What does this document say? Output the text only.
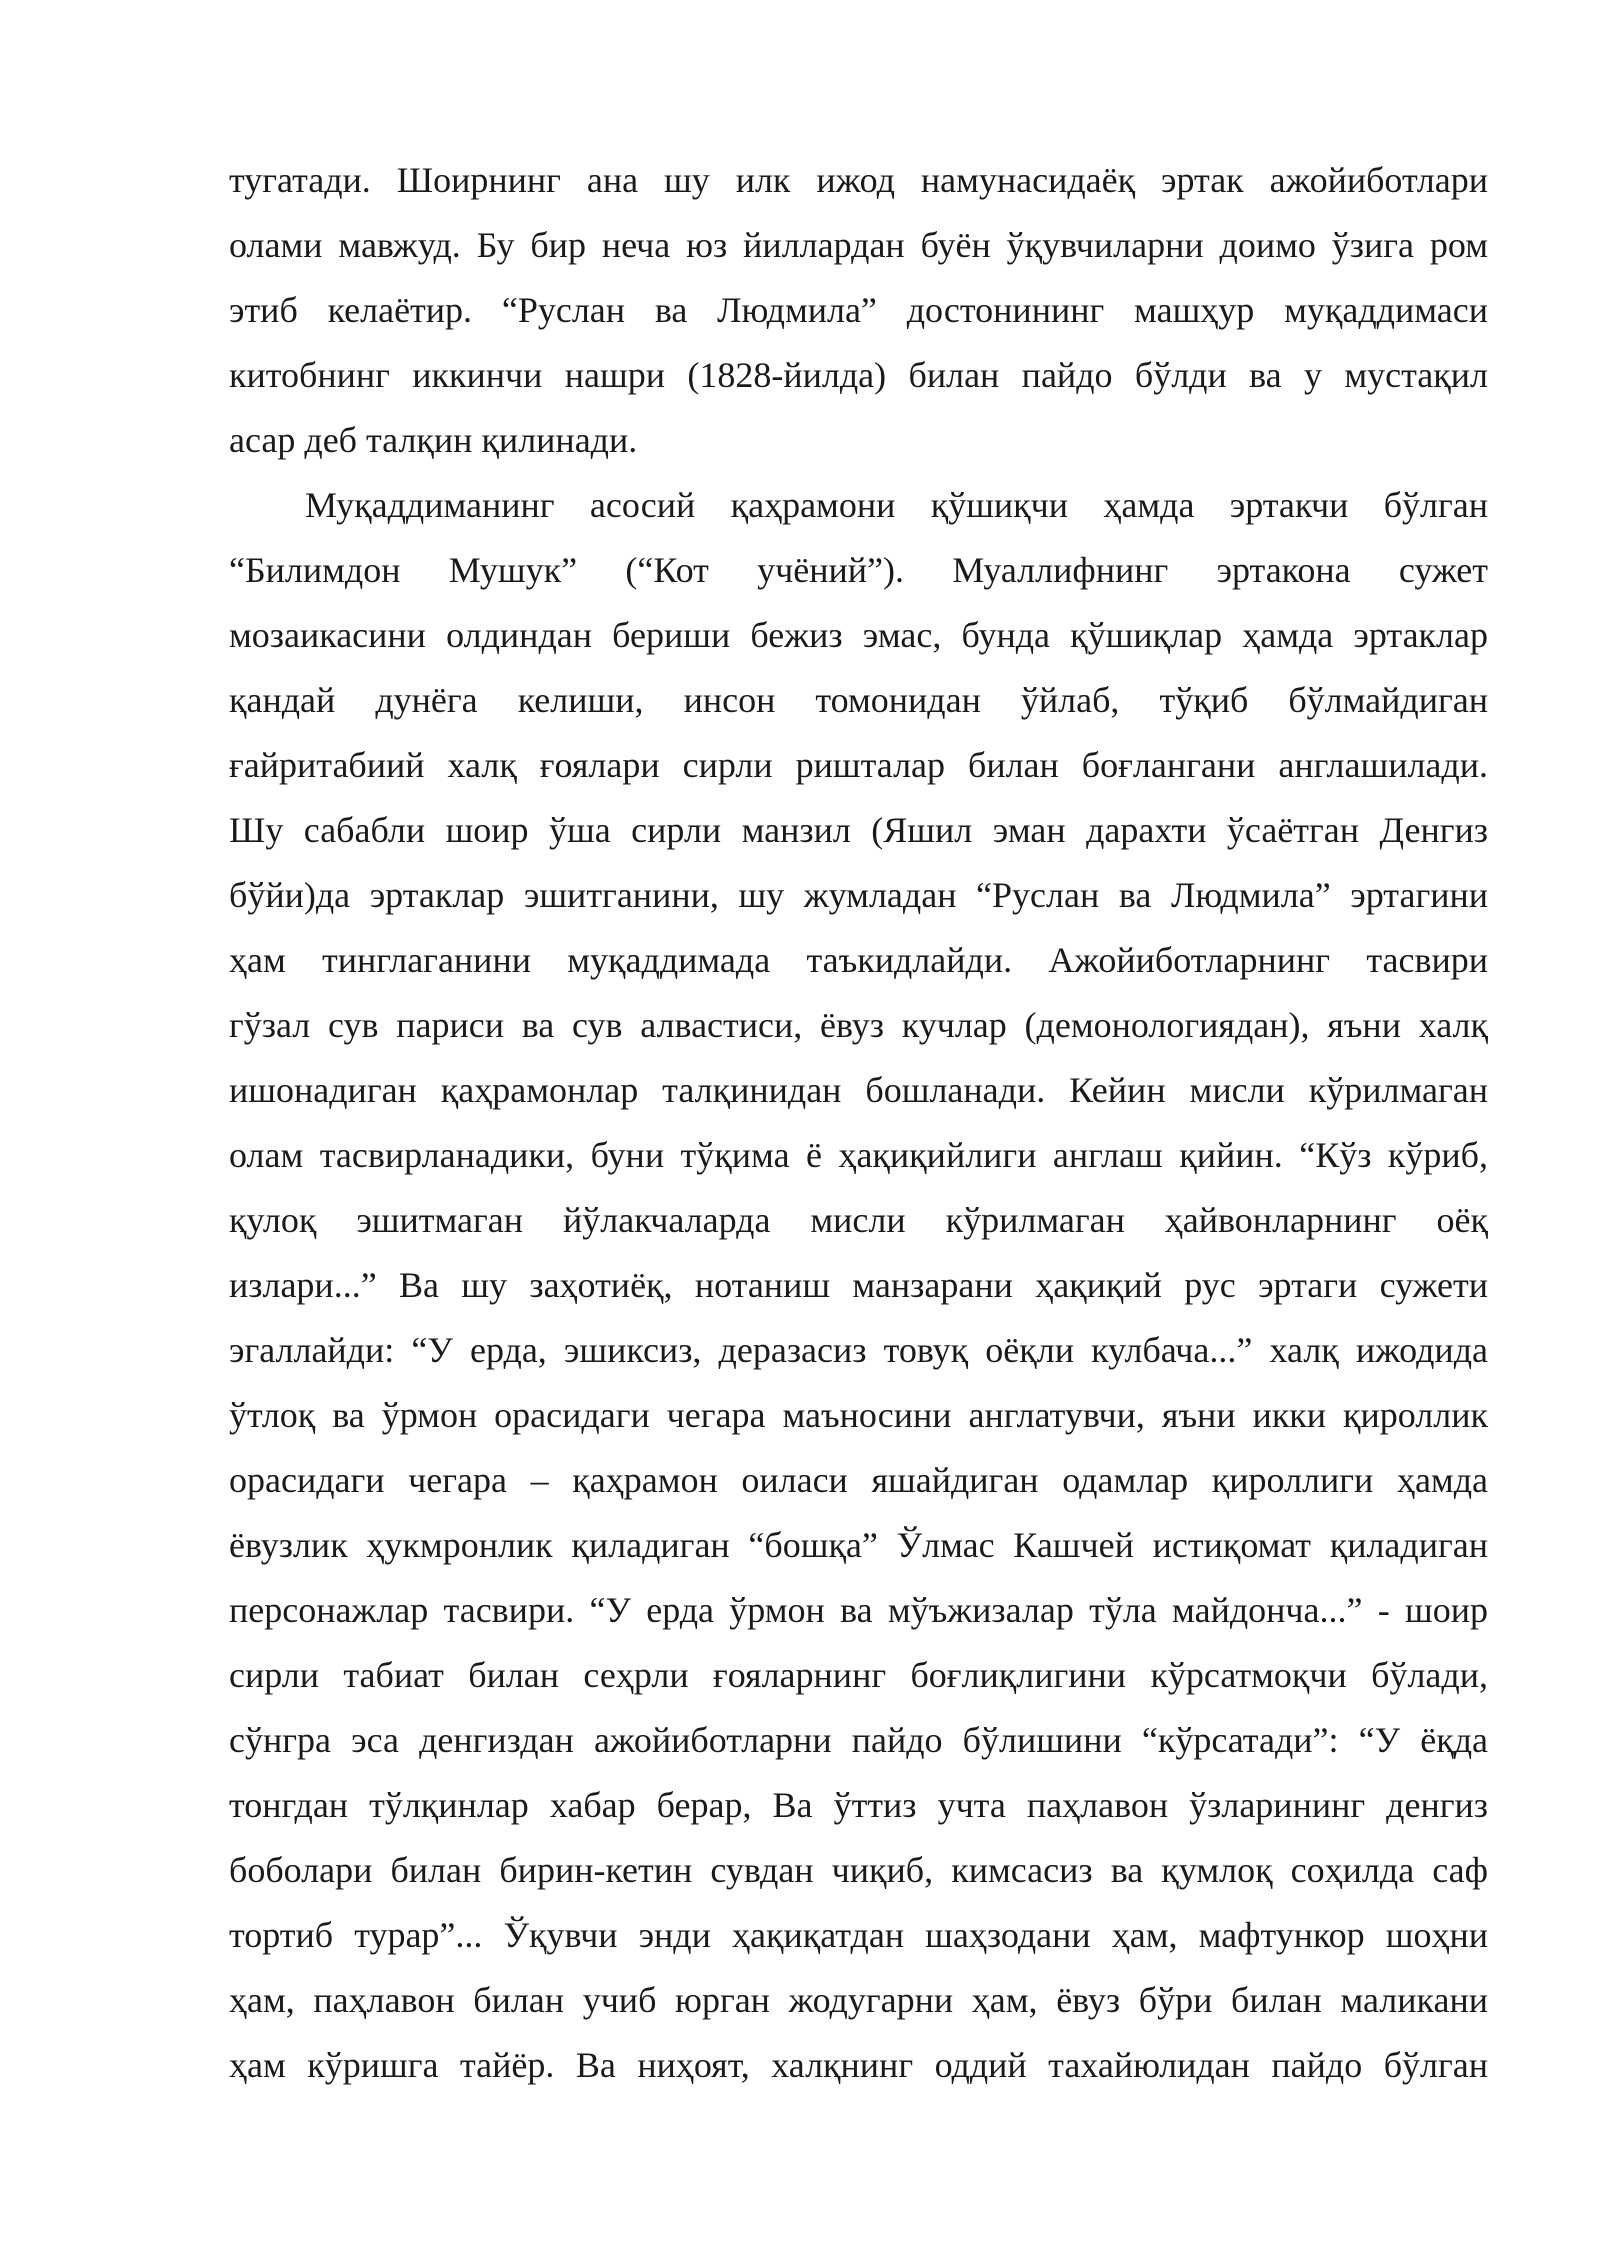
тугатади. Шоирнинг ана шу илк ижод намунасидаёқ эртак ажойиботлари
олами мавжуд. Бу бир неча юз йиллардан буён ўқувчиларни доимо ўзига ром
этиб келаётир. “Руслан ва Людмила” достонининг машҳур муқаддимаси
китобнинг иккинчи нашри (1828-йилда) билан пайдо бўлди ва у мустақил
асар деб талқин қилинади.
Муқаддиманинг асосий қаҳрамони қўшиқчи ҳамда эртакчи бўлган
“Билимдон Мушук” (“Кот учёний”). Муаллифнинг эртакона сужет
мозаикасини олдиндан бериши бежиз эмас, бунда қўшиқлар ҳамда эртаклар
қандай дунёга келиши, инсон томонидан ўйлаб, тўқиб бўлмайдиган
ғайритабиий халқ ғоялари сирли ришталар билан боғлангани англашилади.
Шу сабабли шоир ўша сирли манзил (Яшил эман дарахти ўсаётган Денгиз
бўйи)да эртаклар эшитганини, шу жумладан “Руслан ва Людмила” эртагини
ҳам тинглаганини муқаддимада таъкидлайди. Ажойиботларнинг тасвири
гўзал сув париси ва сув алвастиси, ёвуз кучлар (демонологиядан), яъни халқ
ишонадиган қаҳрамонлар талқинидан бошланади. Кейин мисли кўрилмаган
олам тасвирланадики, буни тўқима ё ҳақиқийлиги англаш қийин. “Кўз кўриб,
қулоқ эшитмаган йўлакчаларда мисли кўрилмаган ҳайвонларнинг оёқ
излари...” Ва шу заҳотиёқ, нотаниш манзарани ҳақиқий рус эртаги сужети
эгаллайди: “У ерда, эшиксиз, деразасиз товуқ оёқли кулбача...” халқ ижодида
ўтлоқ ва ўрмон орасидаги чегара маъносини англатувчи, яъни икки қироллик
орасидаги чегара – қаҳрамон оиласи яшайдиган одамлар қироллиги ҳамда
ёвузлик ҳукмронлик қиладиган “бошқа” Ўлмас Кашчей истиқомат қиладиган
персонажлар тасвири. “У ерда ўрмон ва мўъжизалар тўла майдонча...” - шоир
сирли табиат билан сеҳрли ғояларнинг боғлиқлигини кўрсатмоқчи бўлади,
сўнгра эса денгиздан ажойиботларни пайдо бўлишини “кўрсатади”: “У ёқда
тонгдан тўлқинлар хабар берар, Ва ўттиз учта паҳлавон ўзларининг денгиз
боболари билан бирин-кетин сувдан чиқиб, кимсасиз ва қумлоқ соҳилда саф
тортиб турар”... Ўқувчи энди ҳақиқатдан шаҳзодани ҳам, мафтункор шоҳни
ҳам, паҳлавон билан учиб юрган жодугарни ҳам, ёвуз бўри билан маликани
ҳам кўришга тайёр. Ва ниҳоят, халқнинг оддий тахайюлидан пайдо бўлган
